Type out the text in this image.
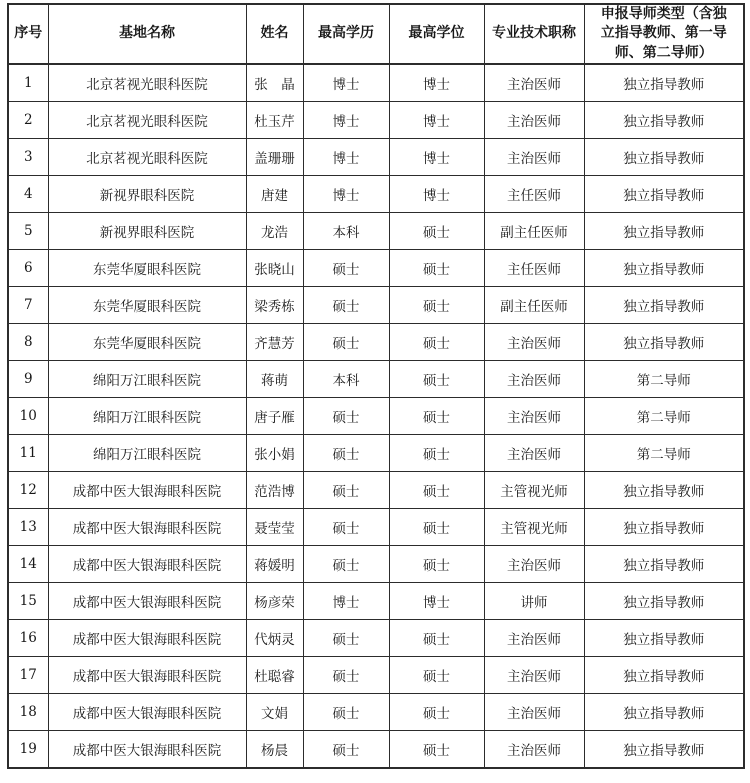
序号	基地名称	姓名	最高学历	最高学位	专业技术职称	申报导师类型（含独
立指导教师、第一导
师、第二导师）

1	北京茗视光眼科医院	张　晶	博士	博士	主治医师	独立指导教师
2	北京茗视光眼科医院	杜玉芹	博士	博士	主治医师	独立指导教师
3	北京茗视光眼科医院	盖珊珊	博士	博士	主治医师	独立指导教师
4	新视界眼科医院	唐建	博士	博士	主任医师	独立指导教师
5	新视界眼科医院	龙浩	本科	硕士	副主任医师	独立指导教师
6	东莞华厦眼科医院	张晓山	硕士	硕士	主任医师	独立指导教师
7	东莞华厦眼科医院	梁秀栋	硕士	硕士	副主任医师	独立指导教师
8	东莞华厦眼科医院	齐慧芳	硕士	硕士	主治医师	独立指导教师
9	绵阳万江眼科医院	蒋萌	本科	硕士	主治医师	第二导师
10	绵阳万江眼科医院	唐子雁	硕士	硕士	主治医师	第二导师
11	绵阳万江眼科医院	张小娟	硕士	硕士	主治医师	第二导师
12	成都中医大银海眼科医院	范浩博	硕士	硕士	主管视光师	独立指导教师
13	成都中医大银海眼科医院	聂莹莹	硕士	硕士	主管视光师	独立指导教师
14	成都中医大银海眼科医院	蒋媛明	硕士	硕士	主治医师	独立指导教师
15	成都中医大银海眼科医院	杨彦荣	博士	博士	讲师	独立指导教师
16	成都中医大银海眼科医院	代炳灵	硕士	硕士	主治医师	独立指导教师
17	成都中医大银海眼科医院	杜聪睿	硕士	硕士	主治医师	独立指导教师
18	成都中医大银海眼科医院	文娟	硕士	硕士	主治医师	独立指导教师
19	成都中医大银海眼科医院	杨晨	硕士	硕士	主治医师	独立指导教师
